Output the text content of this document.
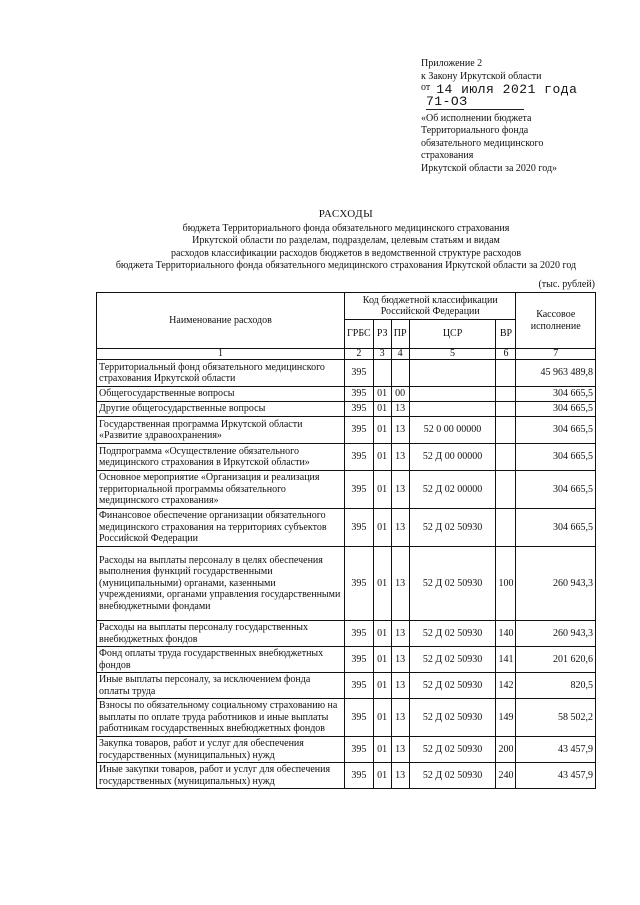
Приложение 2
к Закону Иркутской области
от 14 июля 2021 года
71-ОЗ
«Об исполнении бюджета
Территориального фонда
обязательного медицинского
страхования
Иркутской области за 2020 год»
РАСХОДЫ
бюджета Территориального фонда обязательного медицинского страхования
Иркутской области по разделам, подразделам, целевым статьям и видам
расходов классификации расходов бюджетов в ведомственной структуре расходов
бюджета Территориального фонда обязательного медицинского страхования Иркутской области за 2020 год
(тыс. рублей)
Наименование расходов	Код бюджетной классификации Российской Федерации					Кассовое исполнение
	ГРБС	РЗ	ПР	ЦСР	ВР	
1	2	3	4	5	6	7
Территориальный фонд обязательного медицинского страхования Иркутской области	395					45 963 489,8
Общегосударственные вопросы	395	01	00			304 665,5
Другие общегосударственные вопросы	395	01	13			304 665,5
Государственная программа Иркутской области «Развитие здравоохранения»	395	01	13	52 0 00 00000		304 665,5
Подпрограмма «Осуществление обязательного медицинского страхования в Иркутской области»	395	01	13	52 Д 00 00000		304 665,5
Основное мероприятие «Организация и реализация территориальной программы обязательного медицинского страхования»	395	01	13	52 Д 02 00000		304 665,5
Финансовое обеспечение организации обязательного медицинского страхования на территориях субъектов Российской Федерации	395	01	13	52 Д 02 50930		304 665,5
Расходы на выплаты персоналу в целях обеспечения выполнения функций государственными (муниципальными) органами, казенными учреждениями, органами управления государственными внебюджетными фондами	395	01	13	52 Д 02 50930	100	260 943,3
Расходы на выплаты персоналу государственных внебюджетных фондов	395	01	13	52 Д 02 50930	140	260 943,3
Фонд оплаты труда государственных внебюджетных фондов	395	01	13	52 Д 02 50930	141	201 620,6
Иные выплаты персоналу, за исключением фонда оплаты труда	395	01	13	52 Д 02 50930	142	820,5
Взносы по обязательному социальному страхованию на выплаты по оплате труда работников и иные выплаты работникам государственных внебюджетных фондов	395	01	13	52 Д 02 50930	149	58 502,2
Закупка товаров, работ и услуг для обеспечения государственных (муниципальных) нужд	395	01	13	52 Д 02 50930	200	43 457,9
Иные закупки товаров, работ и услуг для обеспечения государственных (муниципальных) нужд	395	01	13	52 Д 02 50930	240	43 457,9
